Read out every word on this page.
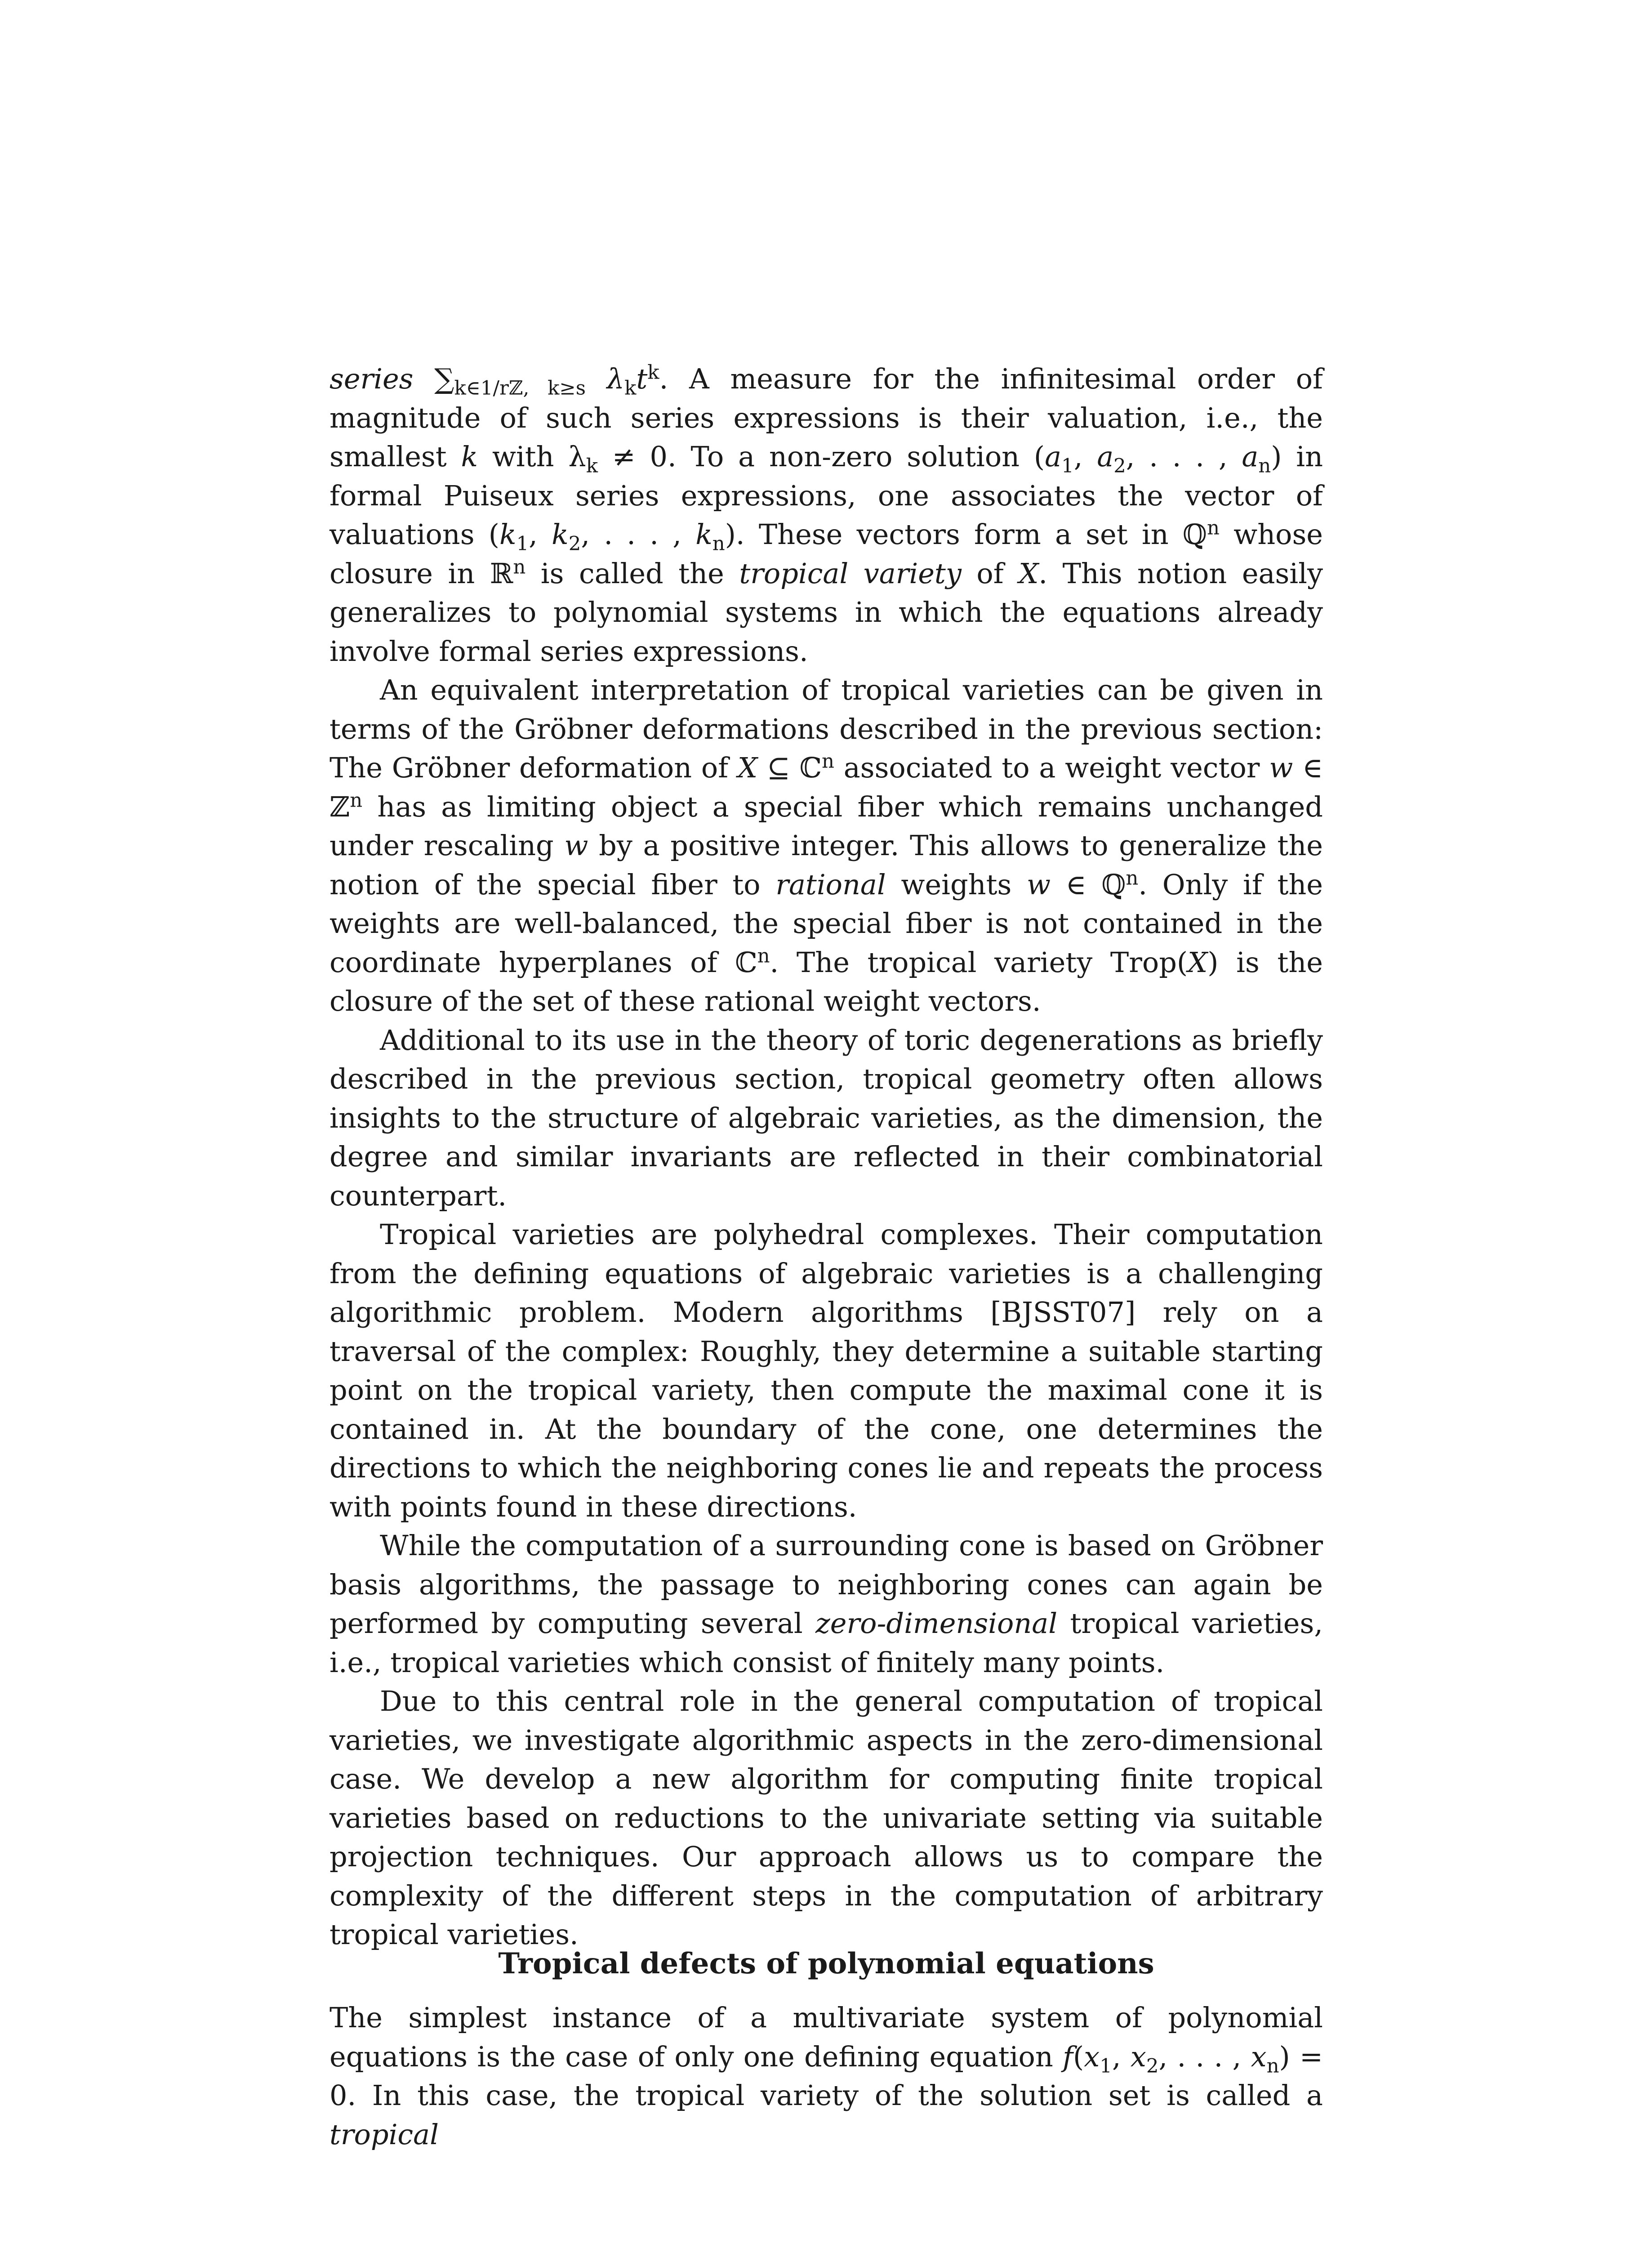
series $\sum_{k\in 1/rℤ, k\ge s}$ $\lambda_kt^k$. A measure for the infinitesimal order of magnitude of such series expressions is their valuation, i.e., the smallest k with $\lambda_k \ne 0$. To a non-zero solution ($a_1$, $a_2$, . . . , $a_n$) in formal Puiseux series expressions, one associates the vector of valuations ($k_1$, $k_2$, . . . , $k_n$). These vectors form a set in ℚ$^n$ whose closure in ℝ$^n$ is called the tropical variety of X. This notion easily generalizes to polynomial systems in which the equations already involve formal series expressions.

An equivalent interpretation of tropical varieties can be given in terms of the Gröbner deformations described in the previous section: The Gröbner deformation of X ⊆ ℂ$^n$ associated to a weight vector w ∈ ℤ$^n$ has as limiting object a special fiber which remains unchanged under rescaling w by a positive integer. This allows to generalize the notion of the special fiber to rational weights w ∈ ℚ$^n$. Only if the weights are well-balanced, the special fiber is not contained in the coordinate hyperplanes of ℂ$^n$. The tropical variety Trop(X) is the closure of the set of these rational weight vectors.

Additional to its use in the theory of toric degenerations as briefly described in the previous section, tropical geometry often allows insights to the structure of algebraic varieties, as the dimension, the degree and similar invariants are reflected in their combinatorial counterpart.

Tropical varieties are polyhedral complexes. Their computation from the defining equations of algebraic varieties is a challenging algorithmic problem. Modern algorithms [BJSST07] rely on a traversal of the complex: Roughly, they determine a suitable starting point on the tropical variety, then compute the maximal cone it is contained in. At the boundary of the cone, one determines the directions to which the neighboring cones lie and repeats the process with points found in these directions.

While the computation of a surrounding cone is based on Gröbner basis algorithms, the passage to neighboring cones can again be performed by computing several zero-dimensional tropical varieties, i.e., tropical varieties which consist of finitely many points.

Due to this central role in the general computation of tropical varieties, we investigate algorithmic aspects in the zero-dimensional case. We develop a new algorithm for computing finite tropical varieties based on reductions to the univariate setting via suitable projection techniques. Our approach allows us to compare the complexity of the different steps in the computation of arbitrary tropical varieties.

Tropical defects of polynomial equations

The simplest instance of a multivariate system of polynomial equations is the case of only one defining equation $f(x_1$, $x_2$, . . . , $x_n) = 0$. In this case, the tropical variety of the solution set is called a tropical
